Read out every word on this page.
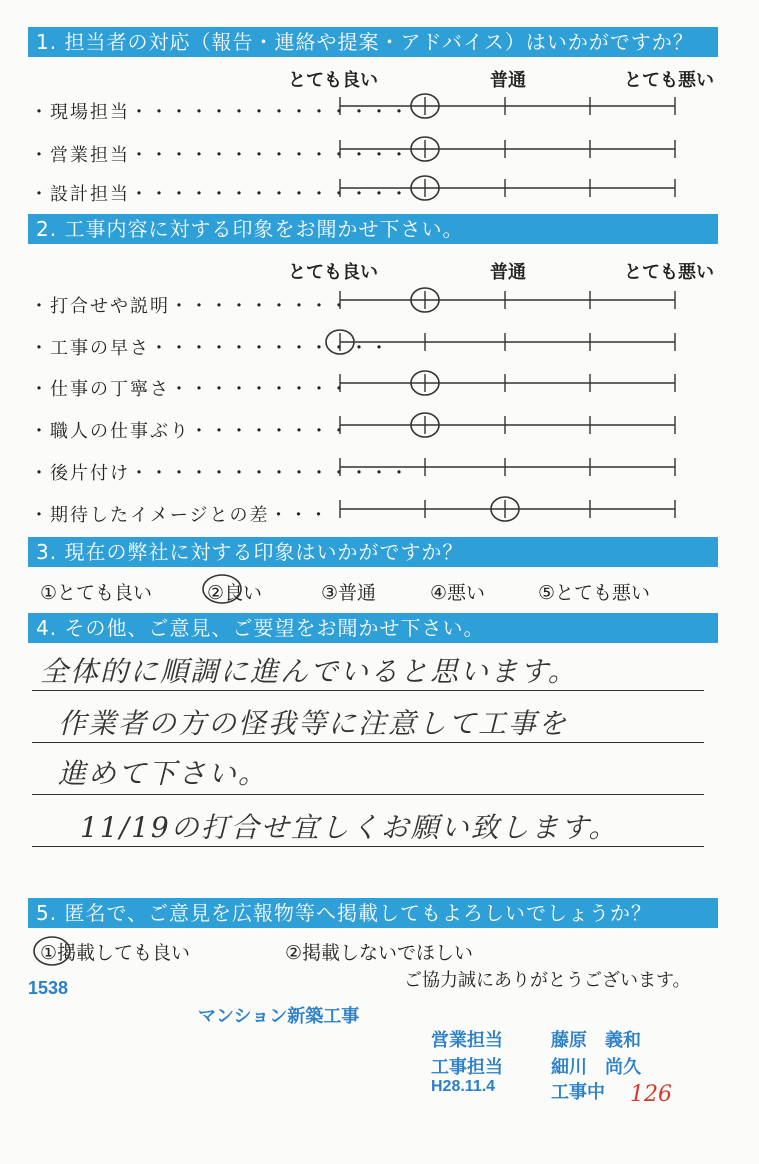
1. 担当者の対応（報告・連絡や提案・アドバイス）はいかがですか？
とても良い	普通	とても悪い
・現場担当・・・・・・・・・・・・・・
・営業担当・・・・・・・・・・・・・・
・設計担当・・・・・・・・・・・・・・
2. 工事内容に対する印象をお聞かせ下さい。
とても良い	普通	とても悪い
・打合せや説明・・・・・・・・・
・工事の早さ・・・・・・・・・・・・
・仕事の丁寧さ・・・・・・・・・
・職人の仕事ぶり・・・・・・・・
・後片付け・・・・・・・・・・・・・・
・期待したイメージとの差・・・
3. 現在の弊社に対する印象はいかがですか？
①とても良い	②良い	③普通	④悪い	⑤とても悪い
4. その他、ご意見、ご要望をお聞かせ下さい。
全体的に順調に進んでいると思います。
作業者の方の怪我等に注意して工事を
進めて下さい。
11/19の打合せ宜しくお願い致します。
5. 匿名で、ご意見を広報物等へ掲載してもよろしいでしょうか？
①掲載しても良い	②掲載しないでほしい
ご協力誠にありがとうございます。
1538
マンション新築工事
営業担当	藤原　義和
工事担当	細川　尚久
H28.11.4	工事中 126
